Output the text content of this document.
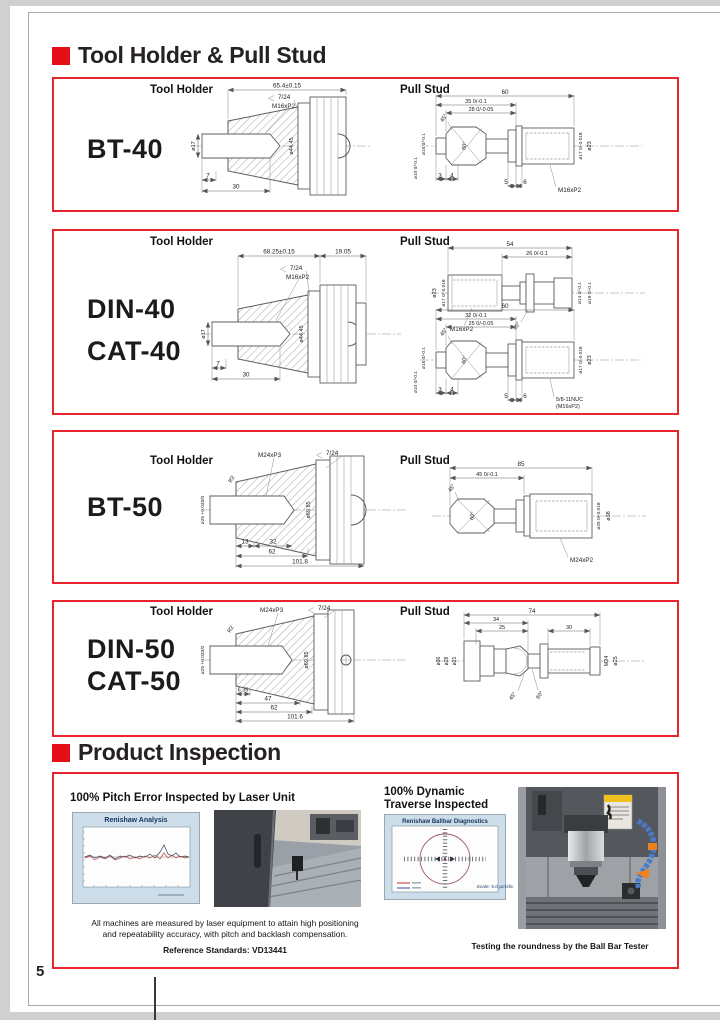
Tool Holder & Pull Stud
Tool Holder	Pull Stud
BT-40
65.4±0.15
7/24
M16xP2
ø17	ø44.45
7
30
60
35 0/-0.1
28 0/-0.05
45°
60°
ø15 0/-0.1
ø10 0/-0.1
ø17 0/-0.018 ø23
3 4
5 6
M16xP2
Tool Holder	Pull Stud
DIN-40
CAT-40
68.25±0.15	19.05
7/24
M16xP2
ø17	ø44.45
7
30
54
26 0/-0.1
ø23 ø17 0/-0.018
M16xP2	45°
ø14 0/-0.1 ø19 0/-0.1
60
32 0/-0.1
25 0/-0.05
45°
60°
ø15 0/-0.1
ø10 0/-0.1
ø17 0/-0.018 ø23
3 4
5 6	5/8-11NUC
(M16xP2)
Tool Holder	Pull Stud
BT-50
M24xP3	7/24
R2
ø25 +0.033/0	ø69.85
13	32
62
101.8
85
45 0/-0.1
45°
60°	ø25 0/-0.018 ø38
M24xP2
Tool Holder	Pull Stud
DIN-50
CAT-50
M24xP3	7/24
R2
ø25 +0.033/0	ø69.85
6.35
47
62
101.6
74
34
25	30
ø36 ø28 ø21
45°	60°
M24 ø25
Product Inspection
100% Pitch Error Inspected by Laser Unit
Renishaw Analysis
All machines are measured by laser equipment to attain high positioning
and repeatability accuracy, with pitch and backlash compensation.
Reference Standards: VD13441
100% Dynamic
Traverse Inspected
Renishaw Ballbar Diagnostics
Scale: 5.0 µm/div
Testing the roundness by the Ball Bar Tester
5
